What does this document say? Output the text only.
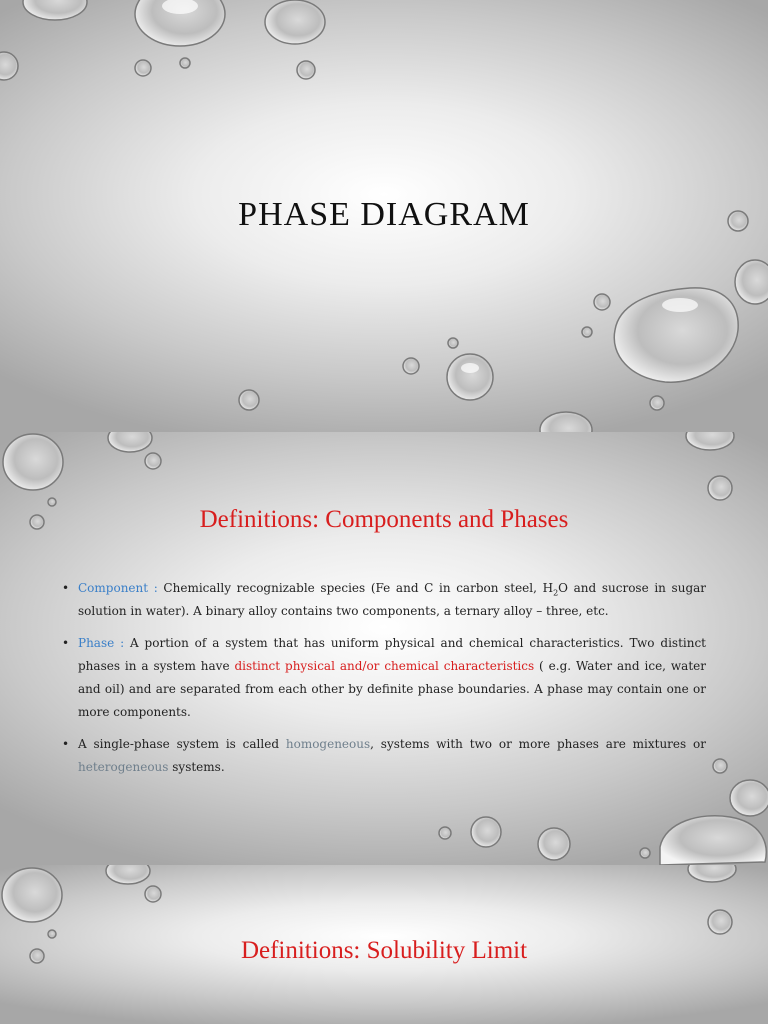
PHASE DIAGRAM
Definitions: Components and Phases
• Component : Chemically recognizable species (Fe and C in carbon steel, $H_2O$ and sucrose in sugar solution in water). A binary alloy contains two components, a ternary alloy – three, etc.
• Phase : A portion of a system that has uniform physical and chemical characteristics. Two distinct phases in a system have distinct physical and/or chemical characteristics ( e.g. Water and ice, water and oil) and are separated from each other by definite phase boundaries. A phase may contain one or more components.
• A single-phase system is called homogeneous, systems with two or more phases are mixtures or heterogeneous systems.
Definitions: Solubility Limit
